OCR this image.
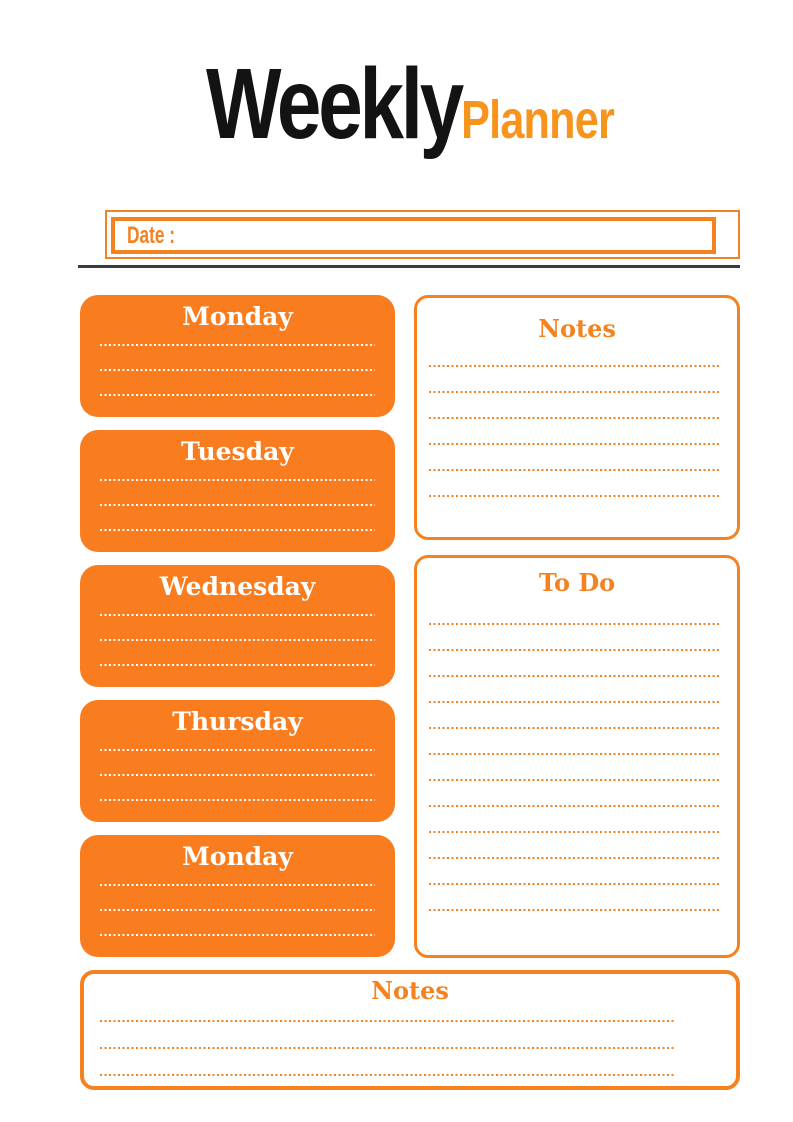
Weekly Planner
Date :
Monday
Tuesday
Wednesday
Thursday
Monday
Notes
To Do
Notes
